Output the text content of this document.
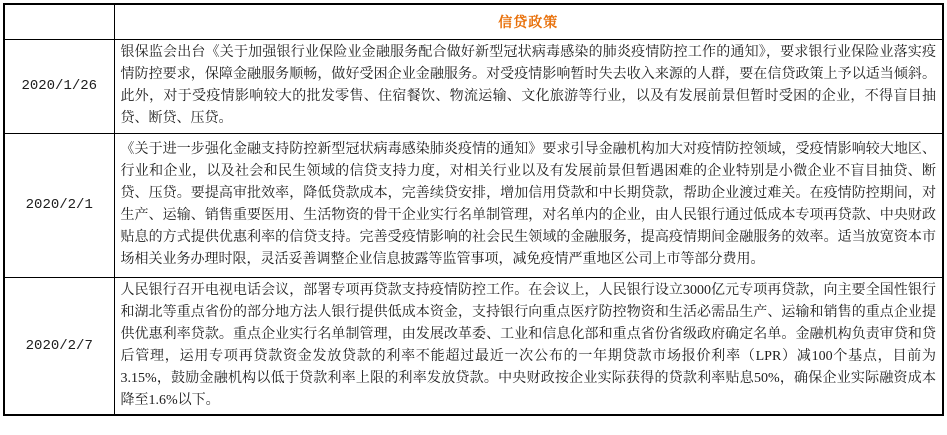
	信贷政策
2020/1/26	银保监会出台《关于加强银行业保险业金融服务配合做好新型冠状病毒感染的肺炎疫情防控工作的通知》，要求银行业保险业落实疫情防控要求，保障金融服务顺畅，做好受困企业金融服务。对受疫情影响暂时失去收入来源的人群，要在信贷政策上予以适当倾斜。此外，对于受疫情影响较大的批发零售、住宿餐饮、物流运输、文化旅游等行业，以及有发展前景但暂时受困的企业，不得盲目抽贷、断贷、压贷。
2020/2/1	《关于进一步强化金融支持防控新型冠状病毒感染肺炎疫情的通知》要求引导金融机构加大对疫情防控领域，受疫情影响较大地区、行业和企业，以及社会和民生领域的信贷支持力度，对相关行业以及有发展前景但暂遇困难的企业特别是小微企业不盲目抽贷、断贷、压贷。要提高审批效率，降低贷款成本，完善续贷安排，增加信用贷款和中长期贷款，帮助企业渡过难关。在疫情防控期间，对生产、运输、销售重要医用、生活物资的骨干企业实行名单制管理，对名单内的企业，由人民银行通过低成本专项再贷款、中央财政贴息的方式提供优惠利率的信贷支持。完善受疫情影响的社会民生领域的金融服务，提高疫情期间金融服务的效率。适当放宽资本市场相关业务办理时限，灵活妥善调整企业信息披露等监管事项，减免疫情严重地区公司上市等部分费用。
2020/2/7	人民银行召开电视电话会议，部署专项再贷款支持疫情防控工作。在会议上，人民银行设立3000亿元专项再贷款，向主要全国性银行和湖北等重点省份的部分地方法人银行提供低成本资金，支持银行向重点医疗防控物资和生活必需品生产、运输和销售的重点企业提供优惠利率贷款。重点企业实行名单制管理，由发展改革委、工业和信息化部和重点省份省级政府确定名单。金融机构负责审贷和贷后管理，运用专项再贷款资金发放贷款的利率不能超过最近一次公布的一年期贷款市场报价利率（LPR）减100个基点，目前为3.15%，鼓励金融机构以低于贷款利率上限的利率发放贷款。中央财政按企业实际获得的贷款利率贴息50%，确保企业实际融资成本降至1.6%以下。
